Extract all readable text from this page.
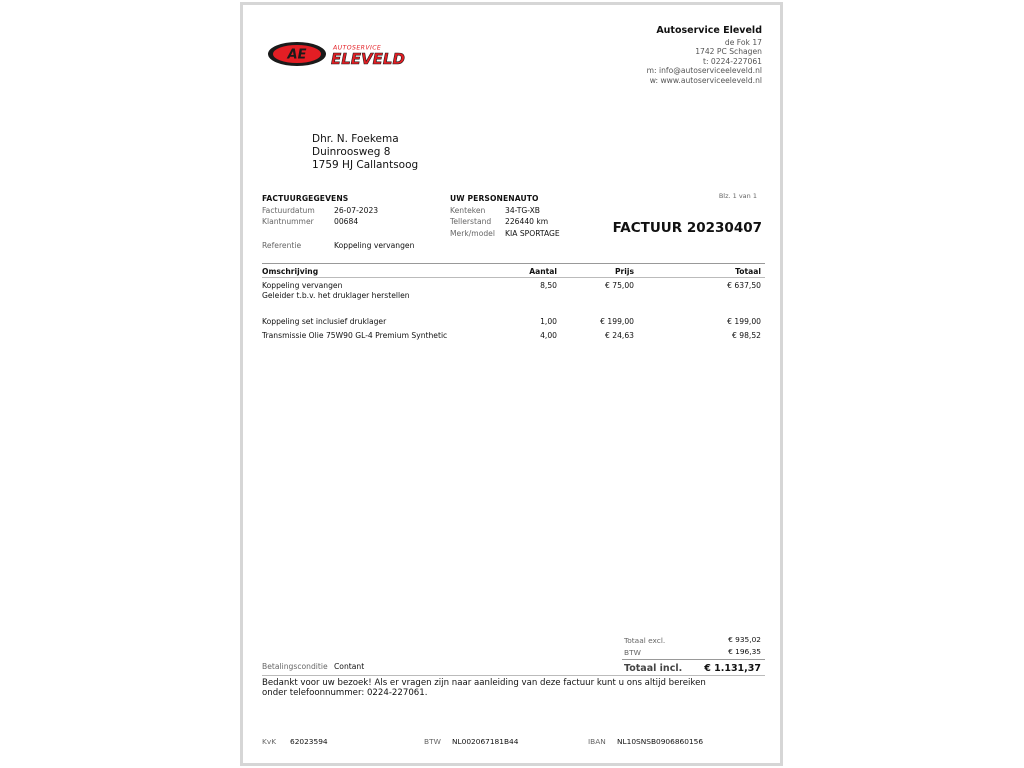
AE	AUTOSERVICE
ELEVELD
Autoservice Eleveld
de Fok 17
1742 PC Schagen
t: 0224-227061
m: info@autoserviceeleveld.nl
w: www.autoserviceeleveld.nl
Dhr. N. Foekema
Duinroosweg 8
1759 HJ Callantsoog
FACTUURGEGEVENS
Factuurdatum	26-07-2023
Klantnummer	00684
Referentie	Koppeling vervangen
UW PERSONENAUTO
Kenteken	34-TG-XB
Tellerstand 226440 km
Merk/model KIA SPORTAGE
Blz. 1 van 1
FACTUUR 20230407
Omschrijving	Aantal	Prijs	Totaal
Koppeling vervangen
Geleider t.b.v. het druklager herstellen
8,50	€ 75,00	€ 637,50
Koppeling set inclusief druklager	1,00	€ 199,00	€ 199,00
Transmissie Olie 75W90 GL-4 Premium Synthetic	4,00	€ 24,63	€ 98,52
Totaal excl.	€ 935,02
BTW	€ 196,35
Totaal incl. € 1.131,37
Betalingsconditie Contant
Bedankt voor uw bezoek! Als er vragen zijn naar aanleiding van deze factuur kunt u ons altijd bereiken onder telefoonnummer: 0224-227061.
KvK 62023594	BTW NL002067181B44	IBAN NL10SNSB0906860156
